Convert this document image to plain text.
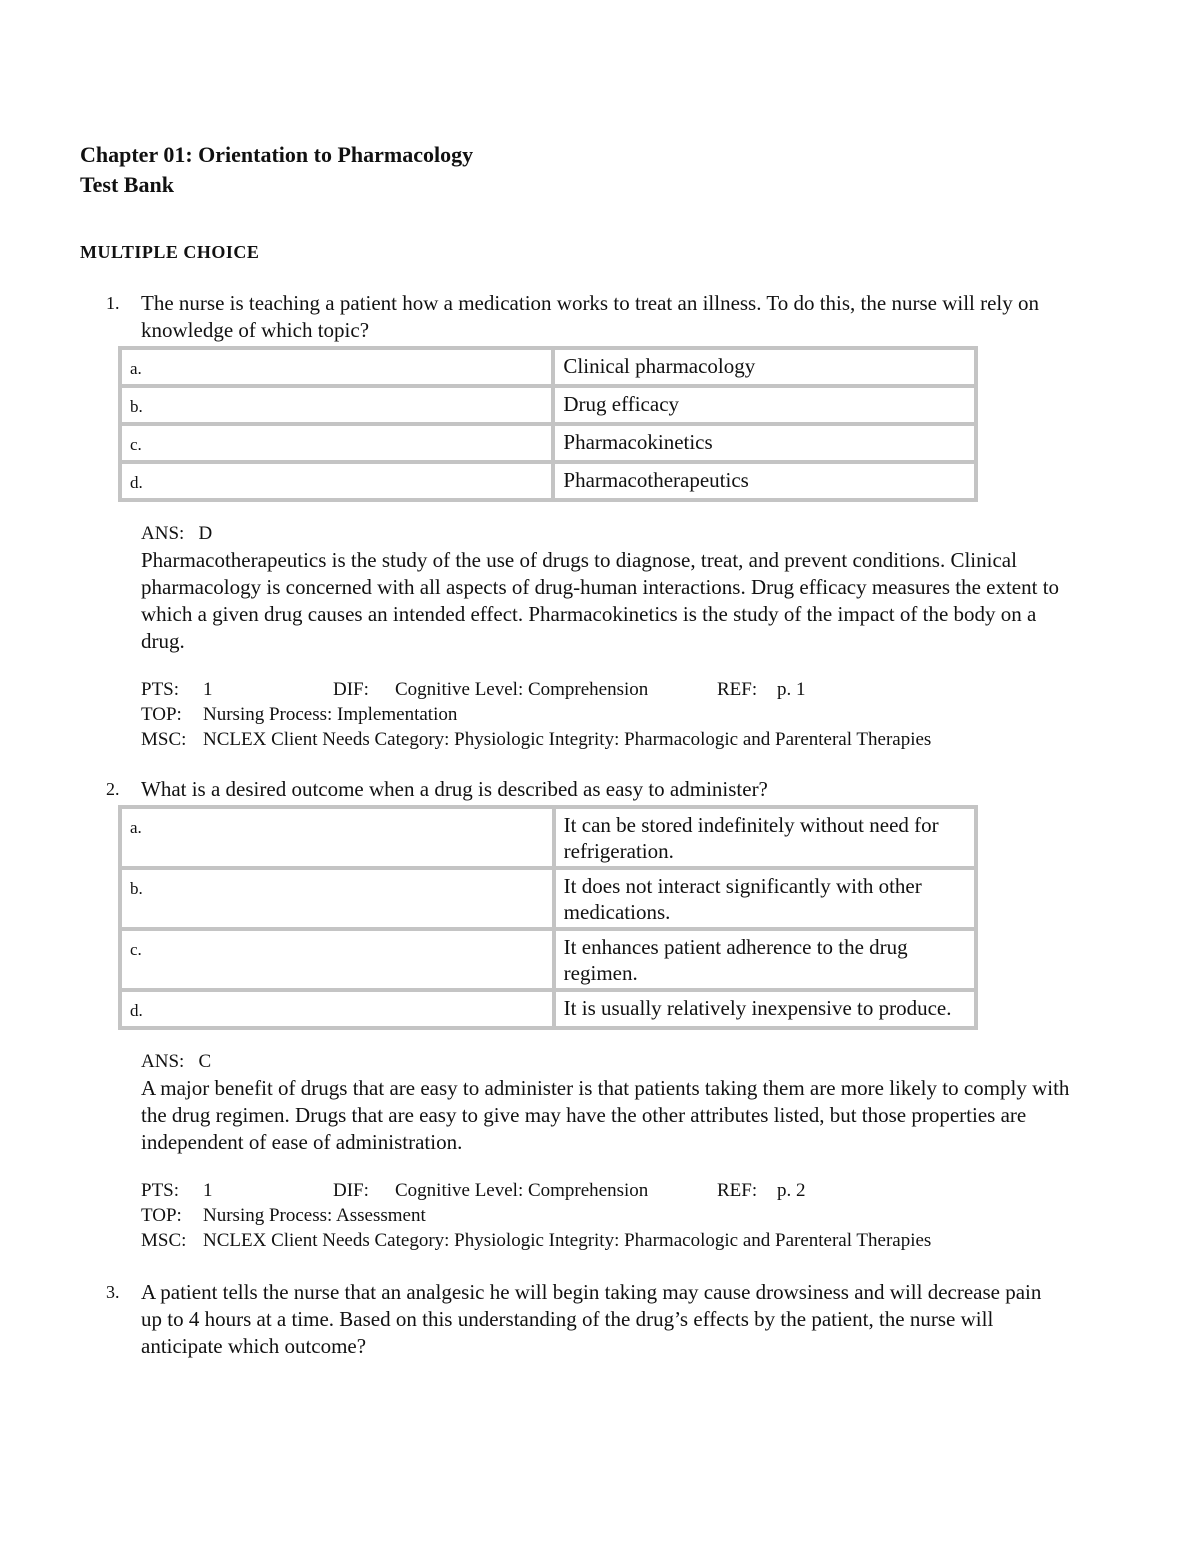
Chapter 01: Orientation to Pharmacology

Test Bank

MULTIPLE CHOICE

1. The nurse is teaching a patient how a medication works to treat an illness. To do this, the nurse will rely on knowledge of which topic?
a.	Clinical pharmacology
b.	Drug efficacy
c.	Pharmacokinetics
d.	Pharmacotherapeutics
ANS:   D
Pharmacotherapeutics is the study of the use of drugs to diagnose, treat, and prevent conditions. Clinical pharmacology is concerned with all aspects of drug-human interactions. Drug efficacy measures the extent to which a given drug causes an intended effect. Pharmacokinetics is the study of the impact of the body on a drug.
PTS: 1	DIF: Cognitive Level: Comprehension	REF: p. 1
TOP: Nursing Process: Implementation
MSC: NCLEX Client Needs Category: Physiologic Integrity: Pharmacologic and Parenteral Therapies
2. What is a desired outcome when a drug is described as easy to administer?
a.	It can be stored indefinitely without need for refrigeration.
b.	It does not interact significantly with other medications.
c.	It enhances patient adherence to the drug regimen.
d.	It is usually relatively inexpensive to produce.
ANS:   C
A major benefit of drugs that are easy to administer is that patients taking them are more likely to comply with the drug regimen. Drugs that are easy to give may have the other attributes listed, but those properties are independent of ease of administration.
PTS: 1	DIF: Cognitive Level: Comprehension	REF: p. 2
TOP: Nursing Process: Assessment
MSC: NCLEX Client Needs Category: Physiologic Integrity: Pharmacologic and Parenteral Therapies
3. A patient tells the nurse that an analgesic he will begin taking may cause drowsiness and will decrease pain up to 4 hours at a time. Based on this understanding of the drug’s effects by the patient, the nurse will anticipate which outcome?
